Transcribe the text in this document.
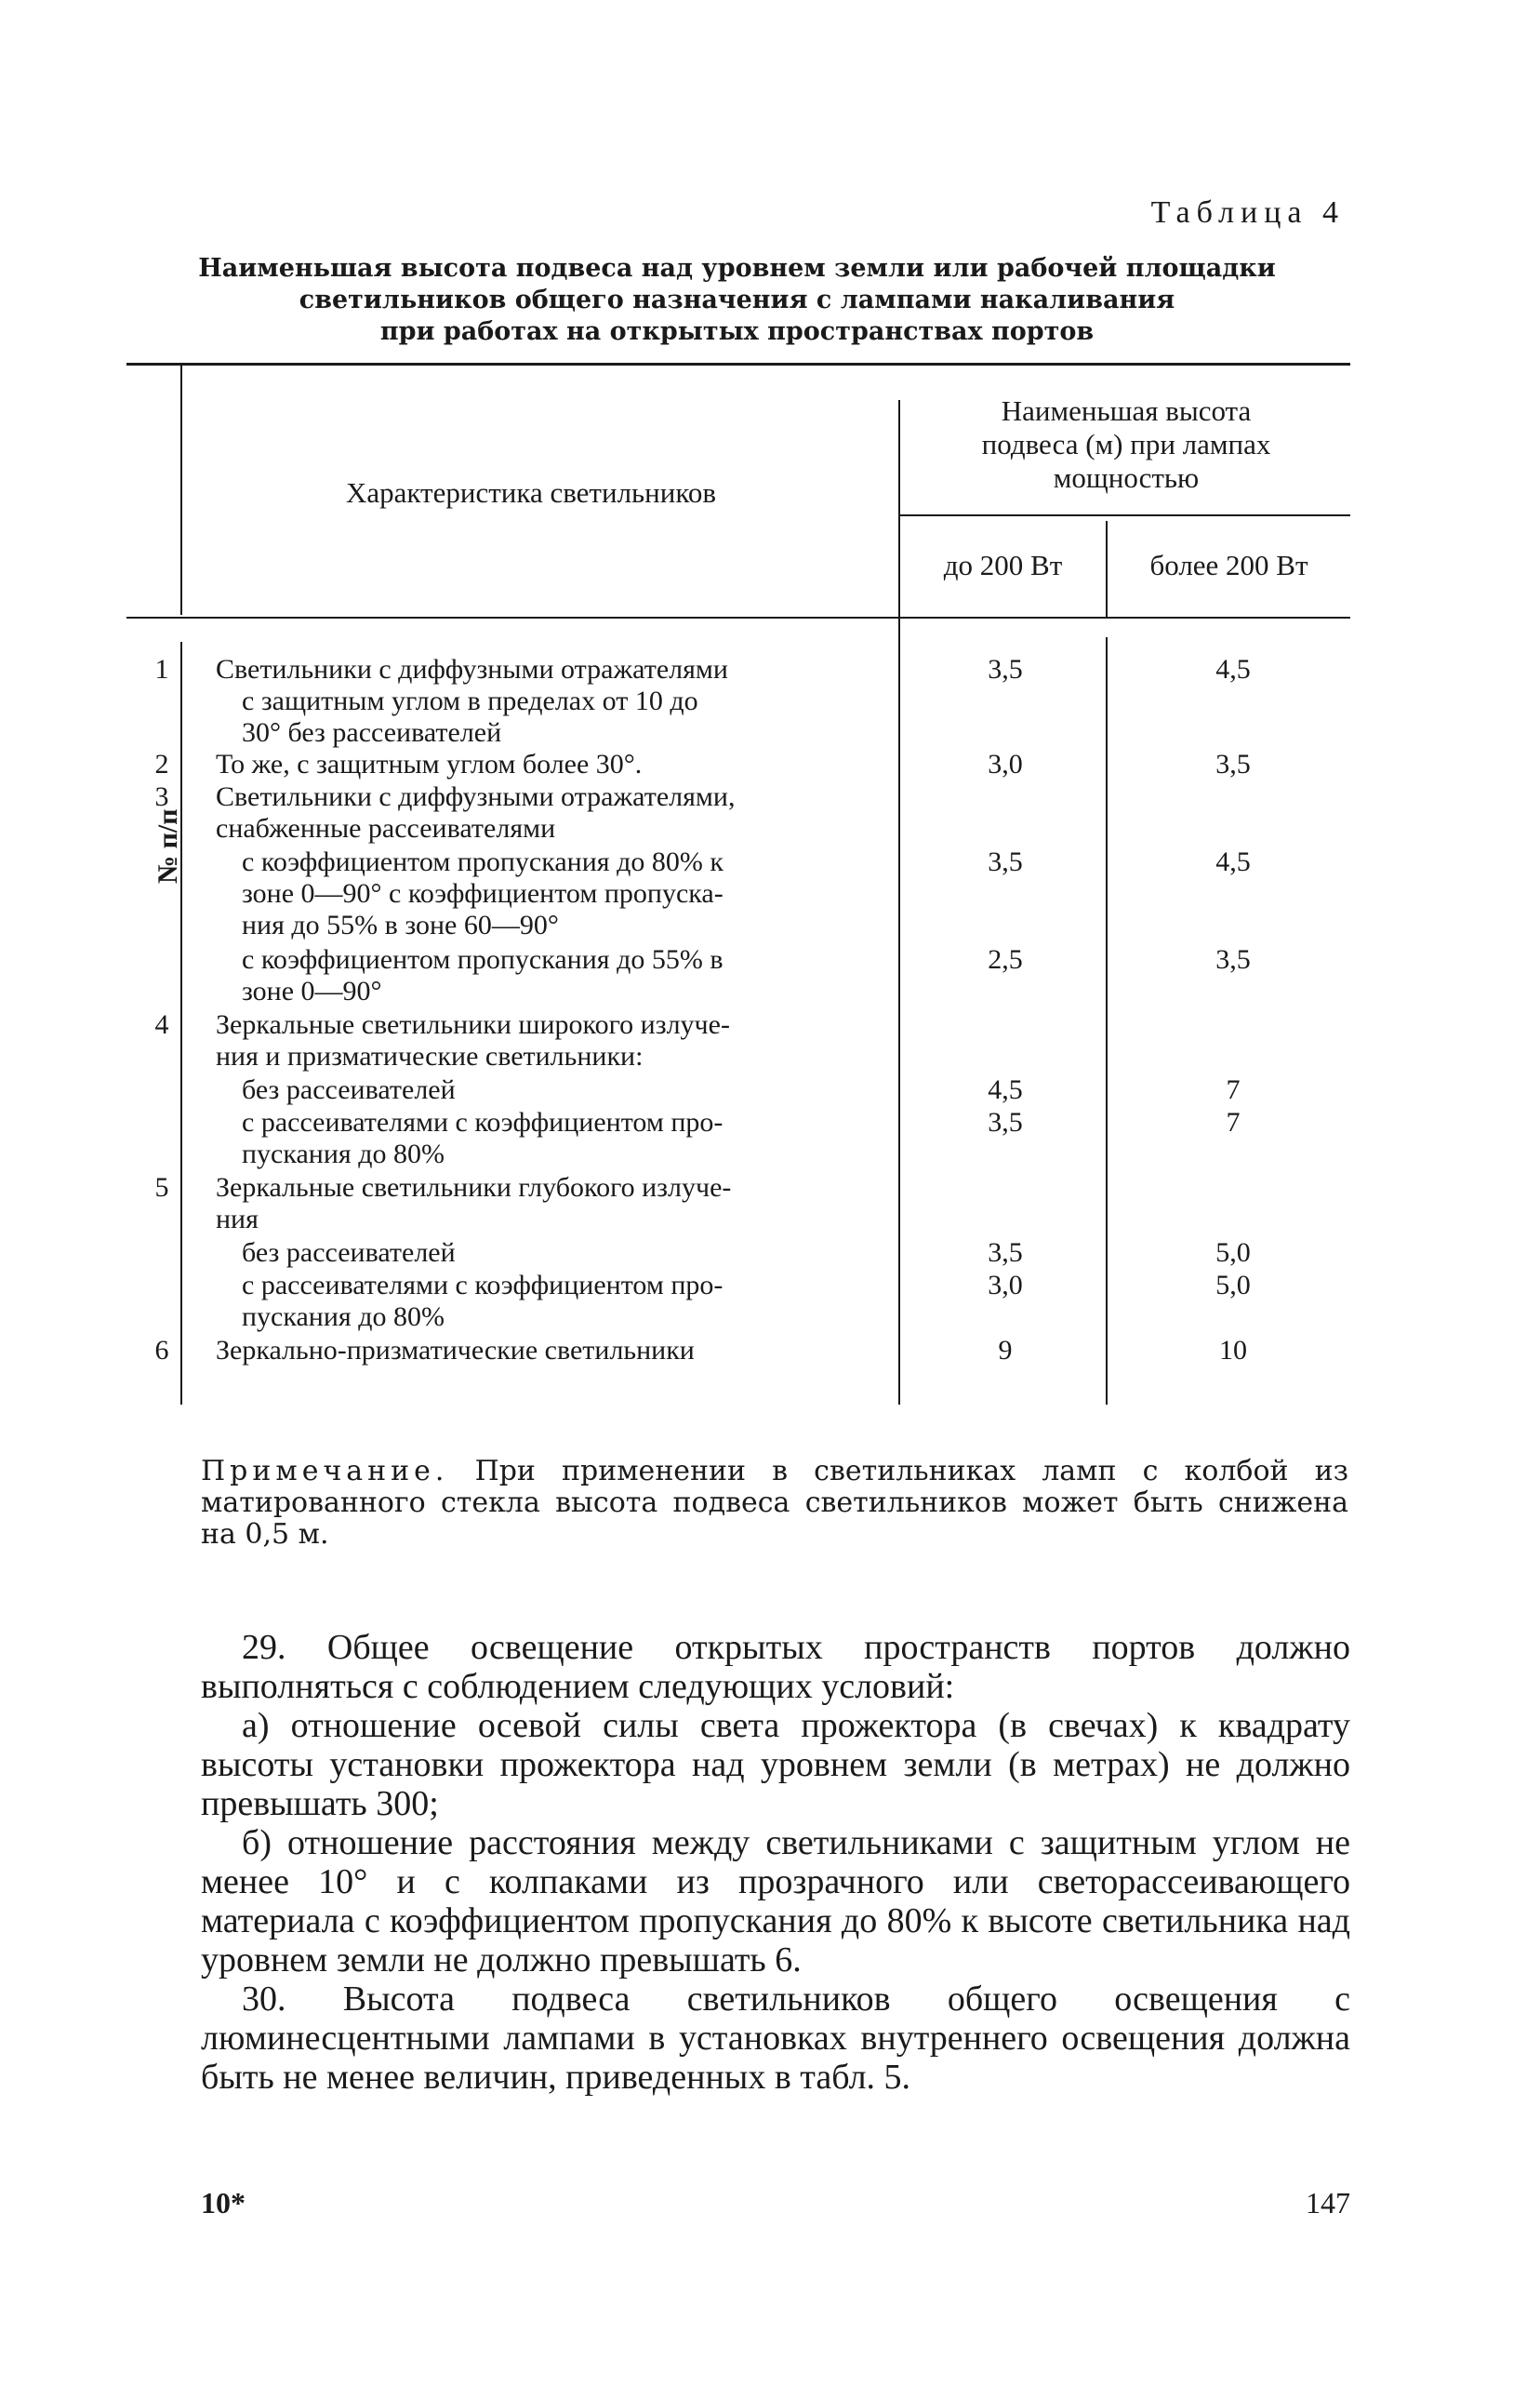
Таблица 4
Наименьшая высота подвеса над уровнем земли или рабочей площадки
светильников общего назначения с лампами накаливания
при работах на открытых пространствах портов
№ п/п
Характеристика светильников
Наименьшая высота
подвеса (м) при лампах
мощностью
до 200 Вт	более 200 Вт
1	Светильники с диффузными отражателями
с защитным углом в пределах от 10 до
30° без рассеивателей
3,5	4,5
2	То же, с защитным углом более 30°.	3,0	3,5
3	Светильники с диффузными отражателями,
снабженные рассеивателями
с коэффициентом пропускания до 80% к
зоне 0—90° с коэффициентом пропуска-
ния до 55% в зоне 60—90°
3,5	4,5
с коэффициентом пропускания до 55% в
зоне 0—90°
2,5	3,5
4	Зеркальные светильники широкого излуче-
ния и призматические светильники:
без рассеивателей	4,5	7
с рассеивателями с коэффициентом про-
пускания до 80%
3,5	7
5	Зеркальные светильники глубокого излуче-
ния
без рассеивателей	3,5	5,0
с рассеивателями с коэффициентом про-
пускания до 80%
3,0	5,0
6	Зеркально-призматические светильники	9	10
Примечание. При применении в светильниках ламп с колбой из матированного стекла высота подвеса светильников может быть снижена на 0,5 м.

29. Общее освещение открытых пространств портов должно выполняться с соблюдением следующих условий:

а) отношение осевой силы света прожектора (в свечах) к квадрату высоты установки прожектора над уровнем земли (в метрах) не должно превышать 300;

б) отношение расстояния между светильниками с защитным углом не менее 10° и с колпаками из прозрачного или светорассеивающего материала с коэффициентом пропускания до 80% к высоте светильника над уровнем земли не должно превышать 6.

30. Высота подвеса светильников общего освещения с люминесцентными лампами в установках внутреннего освещения должна быть не менее величин, приведенных в табл. 5.

10*	147
